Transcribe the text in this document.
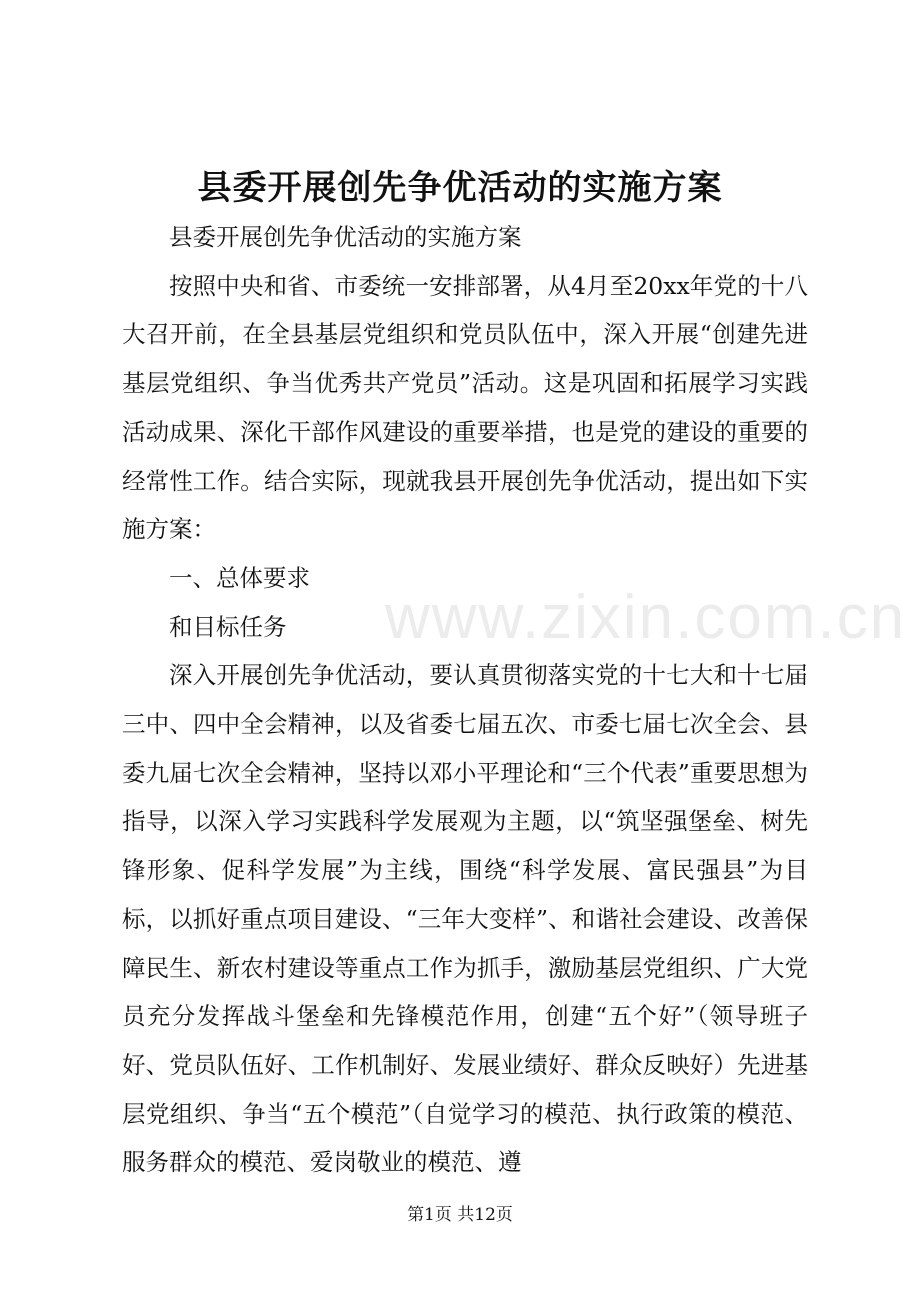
县委开展创先争优活动的实施方案

县委开展创先争优活动的实施方案

按照中央和省、市委统一安排部署，从4月至20xx年党的十八大召开前，在全县基层党组织和党员队伍中，深入开展“创建先进基层党组织、争当优秀共产党员”活动。这是巩固和拓展学习实践活动成果、深化干部作风建设的重要举措，也是党的建设的重要的经常性工作。结合实际，现就我县开展创先争优活动，提出如下实施方案：

一、总体要求

和目标任务

深入开展创先争优活动，要认真贯彻落实党的十七大和十七届三中、四中全会精神，以及省委七届五次、市委七届七次全会、县委九届七次全会精神，坚持以邓小平理论和“三个代表”重要思想为指导，以深入学习实践科学发展观为主题，以“筑坚强堡垒、树先锋形象、促科学发展”为主线，围绕“科学发展、富民强县”为目标，以抓好重点项目建设、“三年大变样”、和谐社会建设、改善保障民生、新农村建设等重点工作为抓手，激励基层党组织、广大党员充分发挥战斗堡垒和先锋模范作用，创建“五个好”（领导班子好、党员队伍好、工作机制好、发展业绩好、群众反映好）先进基层党组织、争当“五个模范”（自觉学习的模范、执行政策的模范、服务群众的模范、爱岗敬业的模范、遵

www.zixin.com.cn
第1页 共12页
